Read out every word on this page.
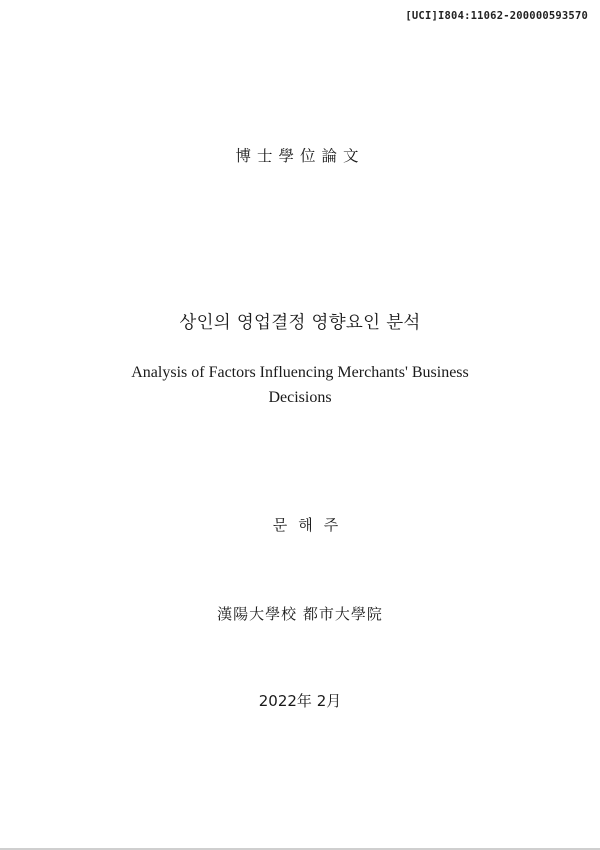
[UCI]I804:11062-200000593570
博士學位論文
상인의 영업결정 영향요인 분석
Analysis of Factors Influencing Merchants' Business
Decisions
문해주
漢陽大學校 都市大學院
2022年 2月
